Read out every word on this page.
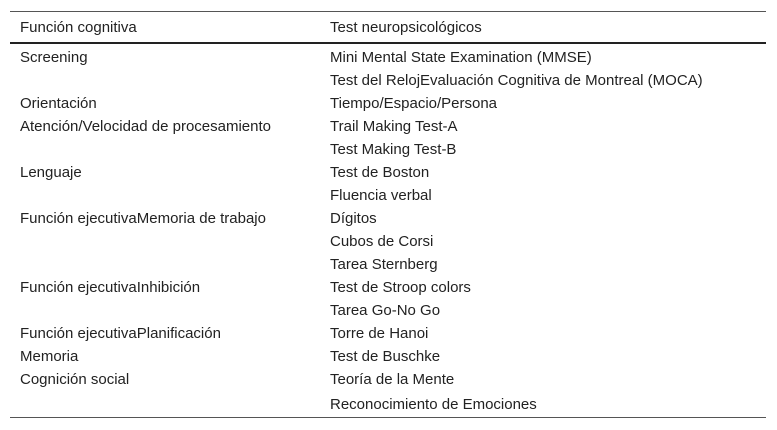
Función cognitiva	Test neuropsicológicos
Screening	Mini Mental State Examination (MMSE)
	Test del RelojEvaluación Cognitiva de Montreal (MOCA)
Orientación	Tiempo/Espacio/Persona
Atención/Velocidad de procesamiento	Trail Making Test-A
	Test Making Test-B
Lenguaje	Test de Boston
	Fluencia verbal
Función ejecutivaMemoria de trabajo	Dígitos
	Cubos de Corsi
	Tarea Sternberg
Función ejecutivaInhibición	Test de Stroop colors
	Tarea Go-No Go
Función ejecutivaPlanificación	Torre de Hanoi
Memoria	Test de Buschke
Cognición social	Teoría de la Mente
	Reconocimiento de Emociones
